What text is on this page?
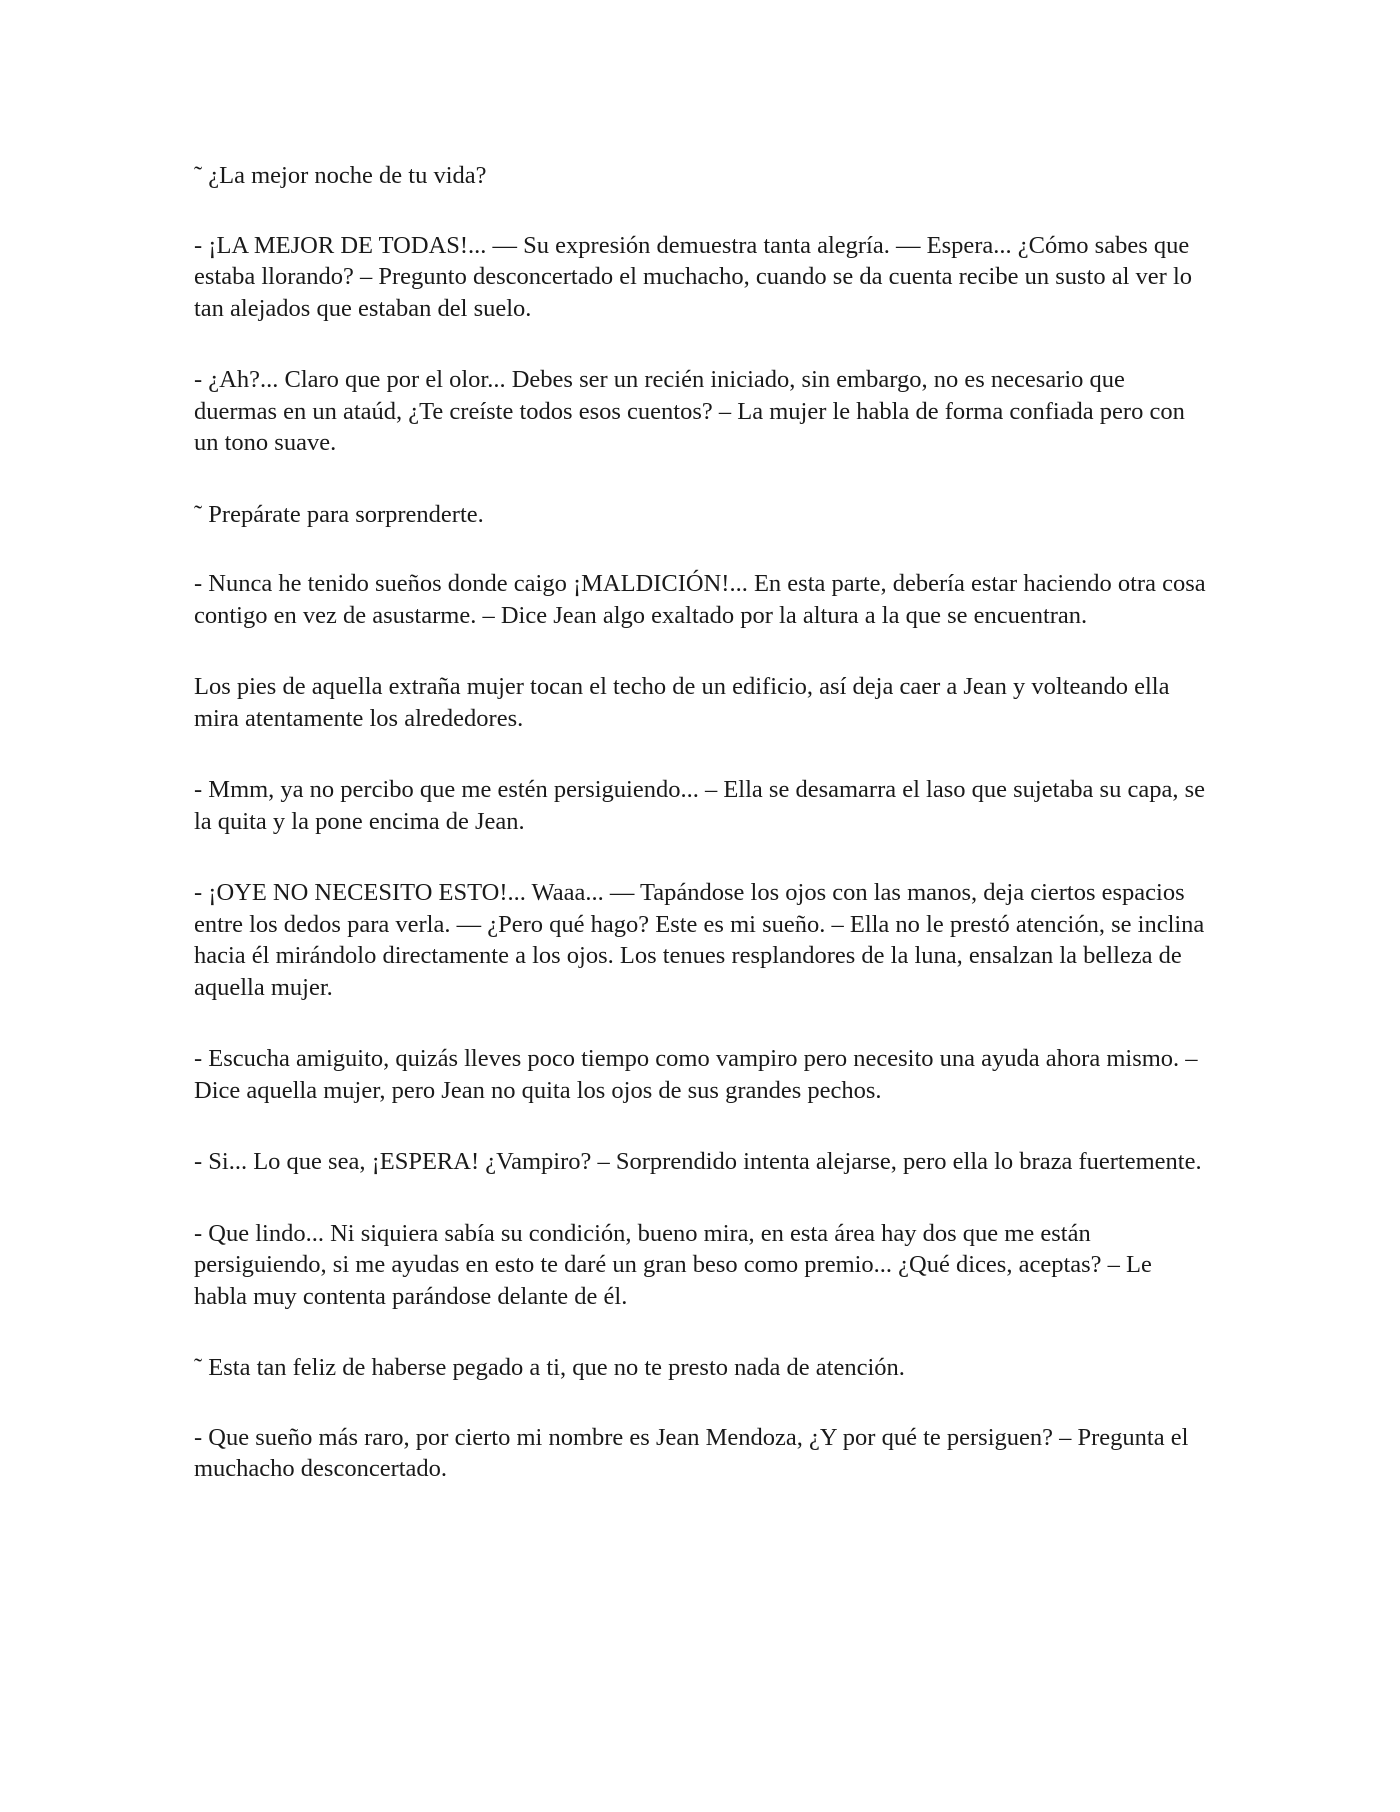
˜ ¿La mejor noche de tu vida?

- ¡LA MEJOR DE TODAS!... — Su expresión demuestra tanta alegría. — Espera... ¿Cómo sabes que estaba llorando? – Pregunto desconcertado el muchacho, cuando se da cuenta recibe un susto al ver lo tan alejados que estaban del suelo.

- ¿Ah?... Claro que por el olor... Debes ser un recién iniciado, sin embargo, no es necesario que duermas en un ataúd, ¿Te creíste todos esos cuentos? – La mujer le habla de forma confiada pero con un tono suave.

˜ Prepárate para sorprenderte.

- Nunca he tenido sueños donde caigo ¡MALDICIÓN!... En esta parte, debería estar haciendo otra cosa contigo en vez de asustarme. – Dice Jean algo exaltado por la altura a la que se encuentran.

Los pies de aquella extraña mujer tocan el techo de un edificio, así deja caer a Jean y volteando ella mira atentamente los alrededores.

- Mmm, ya no percibo que me estén persiguiendo... – Ella se desamarra el laso que sujetaba su capa, se la quita y la pone encima de Jean.

- ¡OYE NO NECESITO ESTO!... Waaa... — Tapándose los ojos con las manos, deja ciertos espacios entre los dedos para verla. — ¿Pero qué hago? Este es mi sueño. – Ella no le prestó atención, se inclina hacia él mirándolo directamente a los ojos. Los tenues resplandores de la luna, ensalzan la belleza de aquella mujer.

- Escucha amiguito, quizás lleves poco tiempo como vampiro pero necesito una ayuda ahora mismo. – Dice aquella mujer, pero Jean no quita los ojos de sus grandes pechos.

- Si... Lo que sea, ¡ESPERA! ¿Vampiro? – Sorprendido intenta alejarse, pero ella lo braza fuertemente.

- Que lindo... Ni siquiera sabía su condición, bueno mira, en esta área hay dos que me están persiguiendo, si me ayudas en esto te daré un gran beso como premio... ¿Qué dices, aceptas? – Le habla muy contenta parándose delante de él.

˜ Esta tan feliz de haberse pegado a ti, que no te presto nada de atención.

- Que sueño más raro, por cierto mi nombre es Jean Mendoza, ¿Y por qué te persiguen? – Pregunta el muchacho desconcertado.
